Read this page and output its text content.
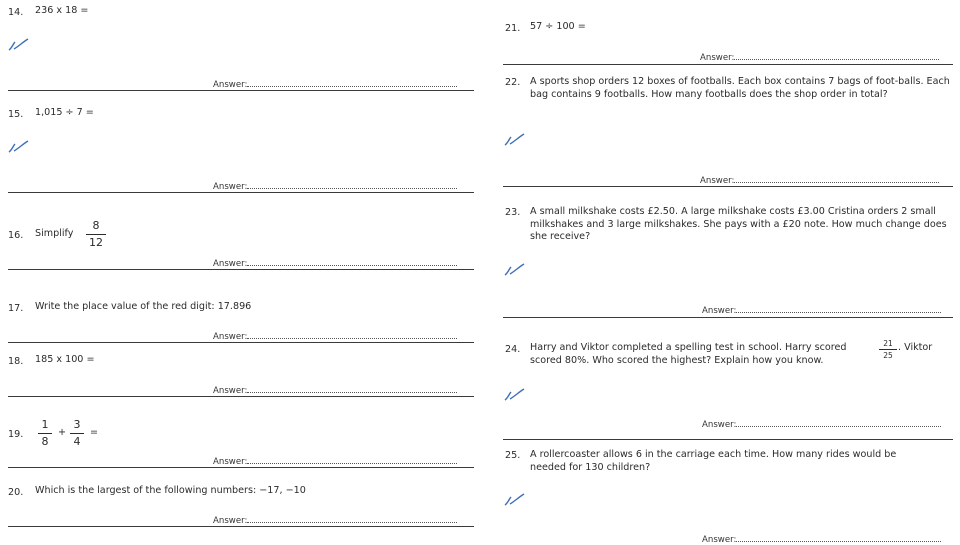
14. 236 x 18 =
Answer:
15. 1,015 ÷ 7 =
Answer:
16. Simplify
8
12
Answer:
17. Write the place value of the red digit: 17.896
Answer:
18. 185 x 100 =
Answer:
19.
1
8
+
3
4
=
Answer:
20. Which is the largest of the following numbers: −17, −10
Answer:
21. 57 ÷ 100 =
Answer:
22. A sports shop orders 12 boxes of footballs. Each box contains 7 bags of foot-balls. Each bag contains 9 footballs. How many footballs does the shop order in total?
Answer:
23. A small milkshake costs £2.50. A large milkshake costs £3.00 Cristina orders 2 small milkshakes and 3 large milkshakes. She pays with a £20 note. How much change does she receive?
Answer:
24. Harry and Viktor completed a spelling test in school. Harry scored	21
25
. Viktor
scored 80%. Who scored the highest? Explain how you know.
Answer:
25. A rollercoaster allows 6 in the carriage each time. How many rides would be needed for 130 children?
Answer:
